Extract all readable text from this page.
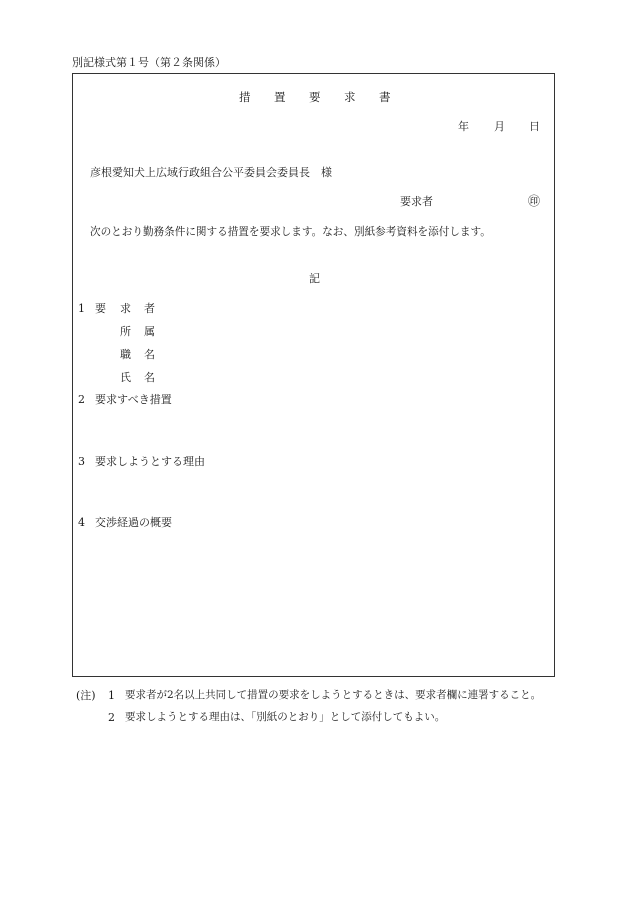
別記様式第１号（第２条関係）
措 置 要 求 書
年 月 日
彦根愛知犬上広域行政組合公平委員会委員長　様
要求者	㊞
次のとおり勤務条件に関する措置を要求します。なお、別紙参考資料を添付します。
記
1 要 求 者
所 属
職 名
氏 名
2 要求すべき措置
3 要求しようとする理由
4 交渉経過の概要
(注) 1 要求者が2名以上共同して措置の要求をしようとするときは、要求者欄に連署すること。
2 要求しようとする理由は、「別紙のとおり」として添付してもよい。
